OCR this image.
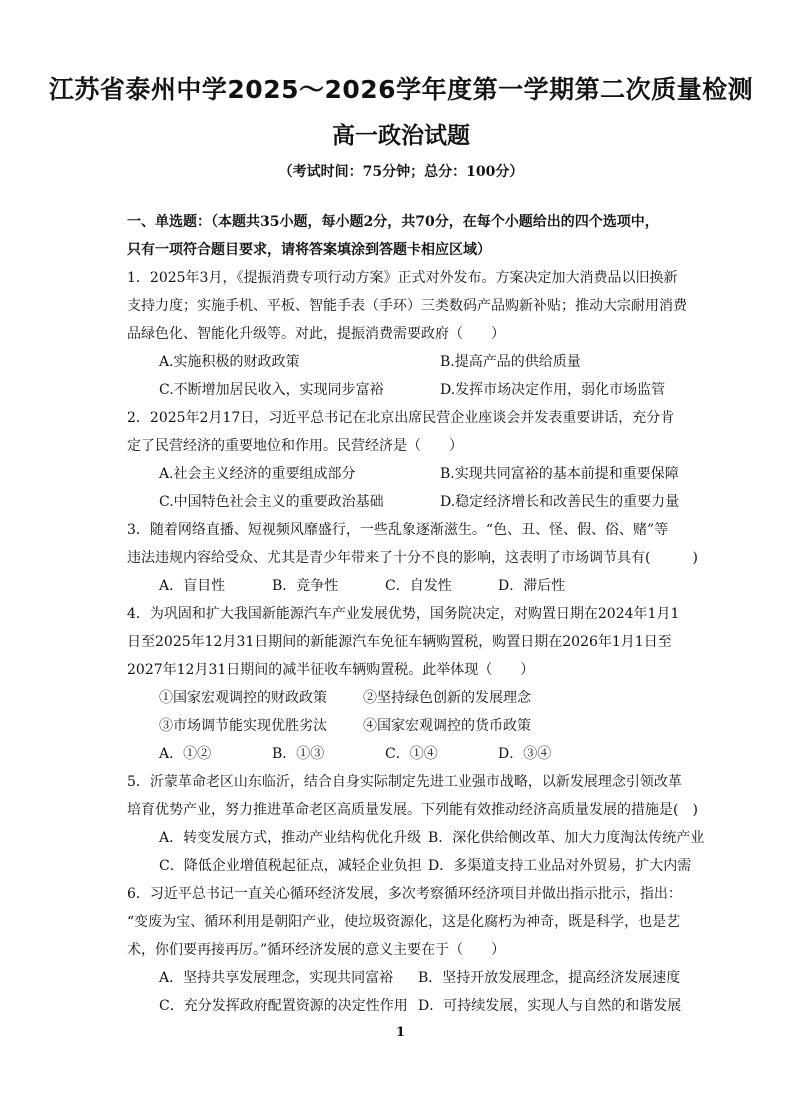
江苏省泰州中学2025～2026学年度第一学期第二次质量检测
高一政治试题
（考试时间：75分钟；总分：100分）
一、单选题：（本题共35小题，每小题2分，共70分，在每个小题给出的四个选项中，
只有一项符合题目要求，请将答案填涂到答题卡相应区域）
1．2025年3月，《提振消费专项行动方案》正式对外发布。方案决定加大消费品以旧换新
支持力度；实施手机、平板、智能手表（手环）三类数码产品购新补贴；推动大宗耐用消费
品绿色化、智能化升级等。对此，提振消费需要政府（　　）
A.实施积极的财政政策	B.提高产品的供给质量
C.不断增加居民收入，实现同步富裕	D.发挥市场决定作用，弱化市场监管
2．2025年2月17日，习近平总书记在北京出席民营企业座谈会并发表重要讲话，充分肯
定了民营经济的重要地位和作用。民营经济是（　　）
A.社会主义经济的重要组成部分	B.实现共同富裕的基本前提和重要保障
C.中国特色社会主义的重要政治基础	D.稳定经济增长和改善民生的重要力量
3．随着网络直播、短视频风靡盛行，一些乱象逐渐滋生。“色、丑、怪、假、俗、赌”等
违法违规内容给受众、尤其是青少年带来了十分不良的影响，这表明了市场调节具有(　　　)
A．盲目性	B．竞争性	C．自发性	D．滞后性
4．为巩固和扩大我国新能源汽车产业发展优势，国务院决定，对购置日期在2024年1月1
日至2025年12月31日期间的新能源汽车免征车辆购置税，购置日期在2026年1月1日至
2027年12月31日期间的减半征收车辆购置税。此举体现（　　）
①国家宏观调控的财政政策	②坚持绿色创新的发展理念
③市场调节能实现优胜劣汰	④国家宏观调控的货币政策
A．①②	B．①③	C．①④	D．③④
5．沂蒙革命老区山东临沂，结合自身实际制定先进工业强市战略，以新发展理念引领改革
培育优势产业，努力推进革命老区高质量发展。下列能有效推动经济高质量发展的措施是(　)
A．转变发展方式，推动产业结构优化升级 B．深化供给侧改革、加大力度淘汰传统产业
C．降低企业增值税起征点，减轻企业负担 D．多渠道支持工业品对外贸易，扩大内需
6．习近平总书记一直关心循环经济发展，多次考察循环经济项目并做出指示批示，指出：
“变废为宝、循环利用是朝阳产业，使垃圾资源化，这是化腐朽为神奇，既是科学，也是艺
术，你们要再接再厉。”循环经济发展的意义主要在于（　　）
A．坚持共享发展理念，实现共同富裕 B．坚持开放发展理念，提高经济发展速度
C．充分发挥政府配置资源的决定性作用 D．可持续发展，实现人与自然的和谐发展
1
